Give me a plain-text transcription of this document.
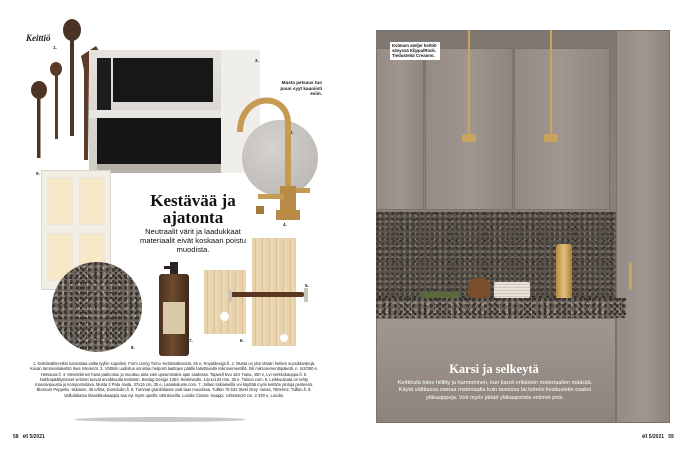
Keittiö
1.
3.
Musta petsaus tuo puun syyt kauniisti esiin.
2.
4.
9.
Kestävää ja
ajatonta
Neutraalit värit ja laadukkaat materiaalit eivät koskaan poistu muodista.
8.
7.	6.
5.
1. Keittiövälineetkin kannattaa valita tyyliin sopiviksi. Form Living Tomo -keittiövälineistö, 65 e, Royaldesign.fi. 2. Musta on yksi tämän hetken suosikkivärejä. Kuvan tammiviilukeittiö Ikea Intereriör. 3. Välttiön uudistus onnistuu helposti laattojen päälle laitettavalla mikrosementillä. Sili mikrosementtipaketti, n. m2/360 e, Hetsaura.fi. 4. Messinkinen hana patinoituu ja muuttuu aina vain upeammaksi ajan saatossa. Tapwell Evo 184 -hana, 450 e, Lvi-verkkokauppa.fi. 5. Nahkapäällysteiset vetimet tuovat arvokkuutta keittiöön. Beslag Design 1353 -lenkkivedin, 14x1x134 mm, 30 e, Taloon.com. 6. Leikkuulauta on tehty massiivipuusta ja kompostoitava. Musta 2 Pala -lauta, 37x15 cm, 35 e, Laatukaluste.com. 7. Jollain tiskiaineilla voi käyttää myös keittiön pintoja pestessä. Blossom Peppelis -tiskiaine, 35 e/litra, Domdodm.fi. 8. Tummat graniittitasot ovat taas muodissa. Tullkin 78 532 Steel Grey -tasoa, 750e/m2, Tullkin.fi. 9. Valkolakatuu klassikkokaappia saa nyt myös upeilla rottinkiovilla. Lundia Classic -kaappi, 149x84x30 cm, 2 330 e, Lundia.
58 et 5/2021
Kvänum ateljer keittiö sävyssä Klippa/Rock. Tiedustelut Creanno.
Karsi ja selkeytä
Keittiöstä tulee hillitty ja harmoninen, kun karsit erilaisten materiaalien määrää. Käytä välttiassa samaa materiaalia kuin tasoissa tai koteloi liesituuletin osaksi yläkaappeja. Voit myös jättää yläkaapeista vetimet pois.
et 5/2021 59
